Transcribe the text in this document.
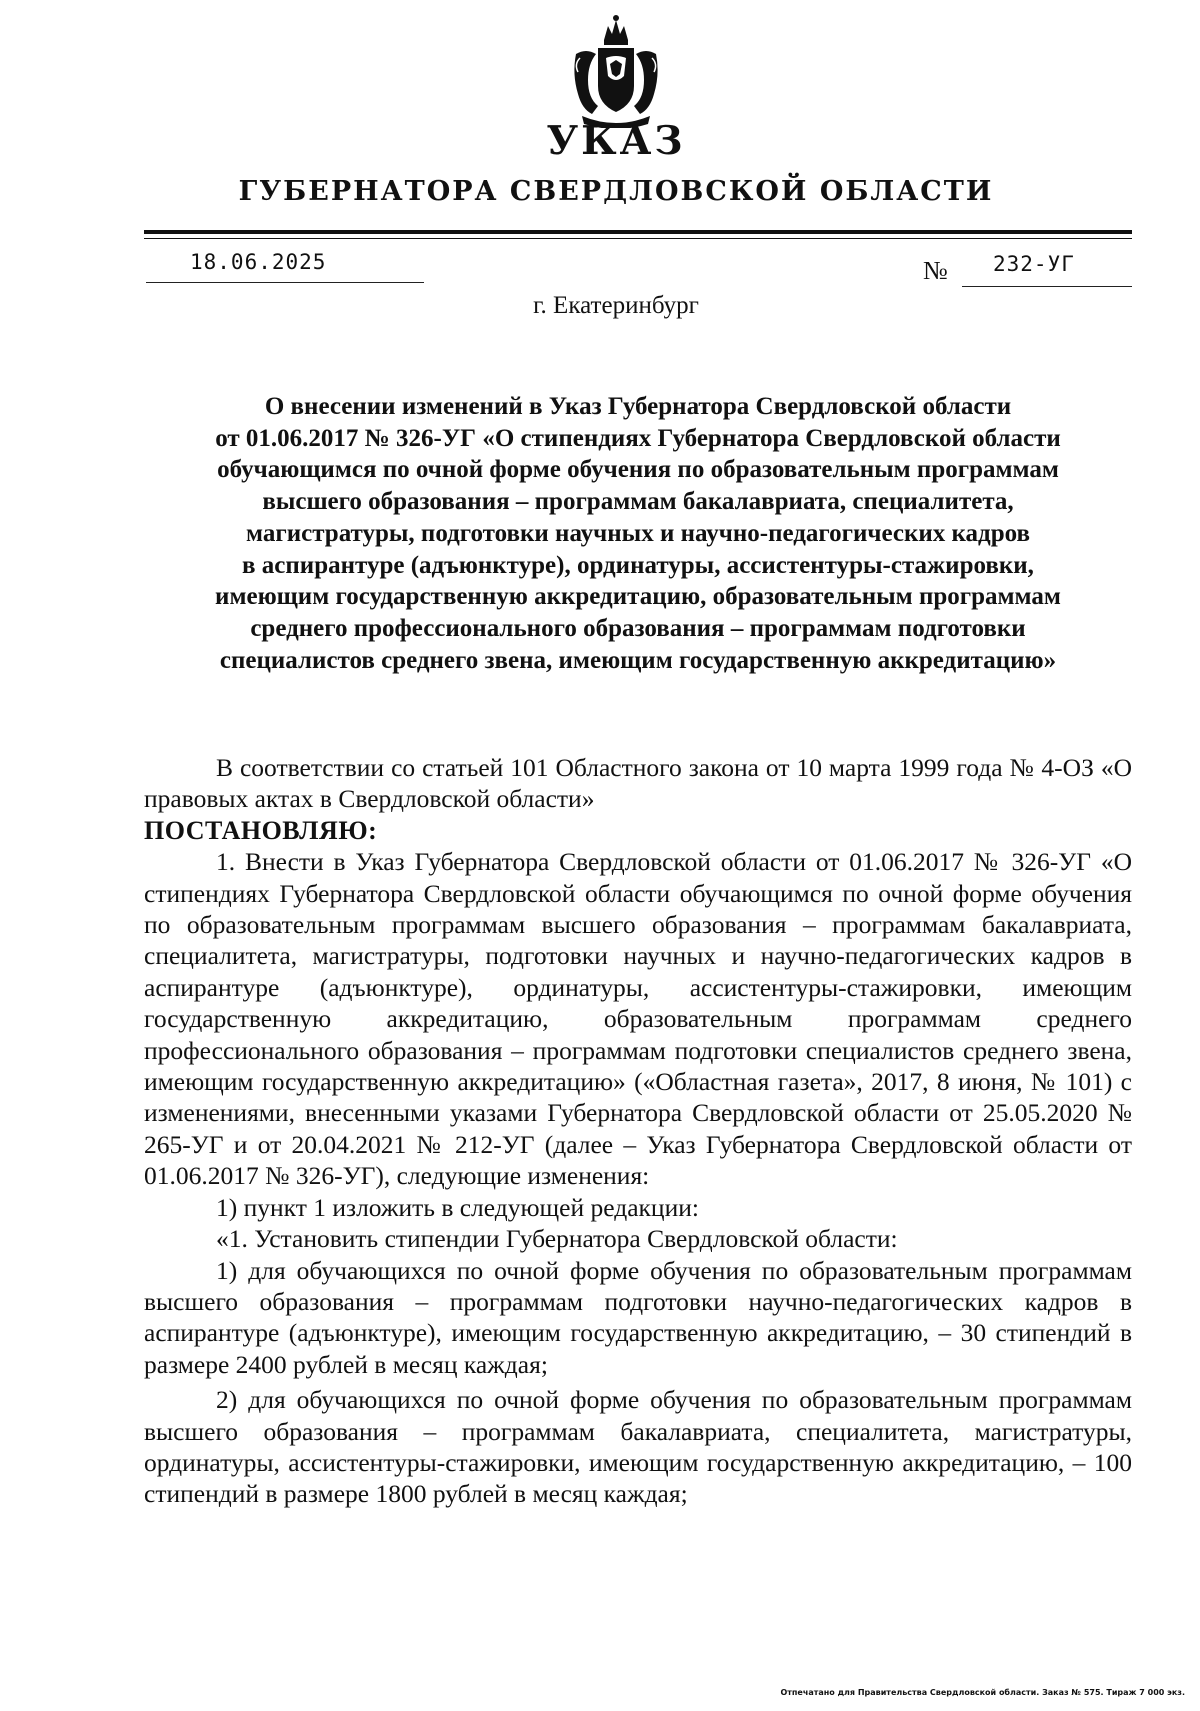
УКАЗ
ГУБЕРНАТОРА СВЕРДЛОВСКОЙ ОБЛАСТИ
18.06.2025	№ 232-УГ
г. Екатеринбург
О внесении изменений в Указ Губернатора Свердловской области
от 01.06.2017 № 326-УГ «О стипендиях Губернатора Свердловской области
обучающимся по очной форме обучения по образовательным программам
высшего образования – программам бакалавриата, специалитета,
магистратуры, подготовки научных и научно-педагогических кадров
в аспирантуре (адъюнктуре), ординатуры, ассистентуры-стажировки,
имеющим государственную аккредитацию, образовательным программам
среднего профессионального образования – программам подготовки
специалистов среднего звена, имеющим государственную аккредитацию»

В соответствии со статьей 101 Областного закона от 10 марта 1999 года № 4-ОЗ «О правовых актах в Свердловской области»

ПОСТАНОВЛЯЮ:

1. Внести в Указ Губернатора Свердловской области от 01.06.2017 № 326-УГ «О стипендиях Губернатора Свердловской области обучающимся по очной форме обучения по образовательным программам высшего образования – программам бакалавриата, специалитета, магистратуры, подготовки научных и научно-педагогических кадров в аспирантуре (адъюнктуре), ординатуры, ассистентуры-стажировки, имеющим государственную аккредитацию, образовательным программам среднего профессионального образования – программам подготовки специалистов среднего звена, имеющим государственную аккредитацию» («Областная газета», 2017, 8 июня, № 101) с изменениями, внесенными указами Губернатора Свердловской области от 25.05.2020 № 265-УГ и от 20.04.2021 № 212-УГ (далее – Указ Губернатора Свердловской области от 01.06.2017 № 326-УГ), следующие изменения:

1) пункт 1 изложить в следующей редакции:

«1. Установить стипендии Губернатора Свердловской области:

1) для обучающихся по очной форме обучения по образовательным программам высшего образования – программам подготовки научно-педагогических кадров в аспирантуре (адъюнктуре), имеющим государственную аккредитацию, – 30 стипендий в размере 2400 рублей в месяц каждая;

2) для обучающихся по очной форме обучения по образовательным программам высшего образования – программам бакалавриата, специалитета, магистратуры, ординатуры, ассистентуры-стажировки, имеющим государственную аккредитацию, – 100 стипендий в размере 1800 рублей в месяц каждая;

Отпечатано для Правительства Свердловской области. Заказ № 575. Тираж 7 000 экз.
